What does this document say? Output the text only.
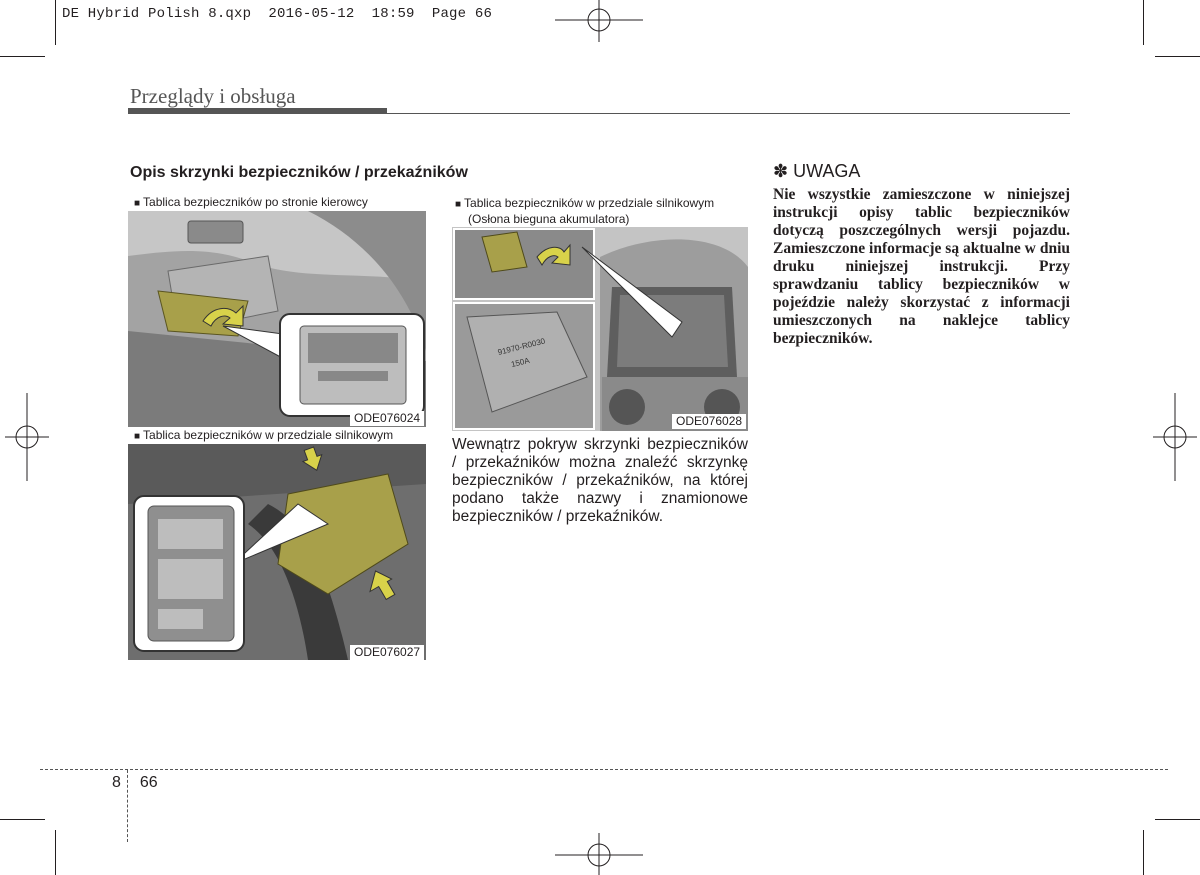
DE Hybrid Polish 8.qxp  2016-05-12  18:59  Page 66
Przeglądy i obsługa
Opis skrzynki bezpieczników / przekaźników
■ Tablica bezpieczników po stronie kierowcy
ODE076024
■ Tablica bezpieczników w przedziale silnikowym
ODE076027
■ Tablica bezpieczników w przedziale silnikowym
(Osłona bieguna akumulatora)
91970-R0030
150A
ODE076028
Wewnątrz pokryw skrzynki bezpieczników / przekaźników można znaleźć skrzynkę bezpieczników / przekaźników, na której podano także nazwy i znamionowe bezpieczników / przekaźników.
✽ UWAGA
Nie wszystkie zamieszczone w niniejszej instrukcji opisy tablic bezpieczników dotyczą poszczególnych wersji pojazdu. Zamieszczone informacje są aktualne w dniu druku niniejszej instrukcji. Przy sprawdzaniu tablicy bezpieczników w pojeździe należy skorzystać z informacji umieszczonych na naklejce tablicy bezpieczników.
8 66
